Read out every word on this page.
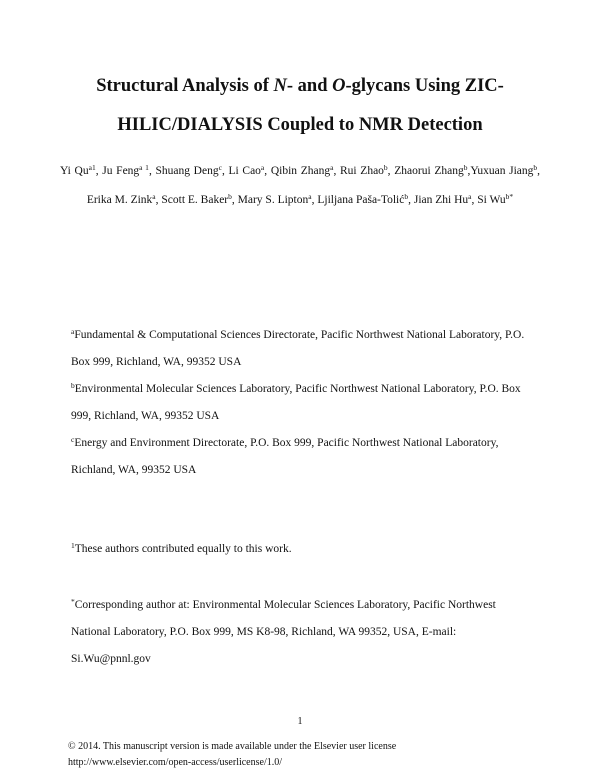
Structural Analysis of N- and O-glycans Using ZIC-
HILIC/DIALYSIS Coupled to NMR Detection
Yi $Qu^{a1}$, Ju Feng$^{a 1}$, Shuang Deng$^c$, Li Cao$^a$, Qibin Zhang$^a$, Rui Zhao$^b$, Zhaorui Zhang$^b$,Yuxuan Jiang$^b$, Erika M. Zink$^a$, Scott E. Baker$^b$, Mary S. Lipton$^a$, Ljiljana Paša-Tolić$^b$, Jian Zhi Hu$^a$, Si $Wu^{b*}$
$^a$Fundamental & Computational Sciences Directorate, Pacific Northwest National Laboratory, P.O. Box 999, Richland, WA, 99352 USA
$^b$Environmental Molecular Sciences Laboratory, Pacific Northwest National Laboratory, P.O. Box 999, Richland, WA, 99352 USA
$^c$Energy and Environment Directorate, P.O. Box 999, Pacific Northwest National Laboratory, Richland, WA, 99352 USA
$^1$These authors contributed equally to this work.
*Corresponding author at: Environmental Molecular Sciences Laboratory, Pacific Northwest National Laboratory, P.O. Box 999, MS K8-98, Richland, WA 99352, USA, E-mail: Si.Wu@pnnl.gov
1
© 2014. This manuscript version is made available under the Elsevier user license
http://www.elsevier.com/open-access/userlicense/1.0/
